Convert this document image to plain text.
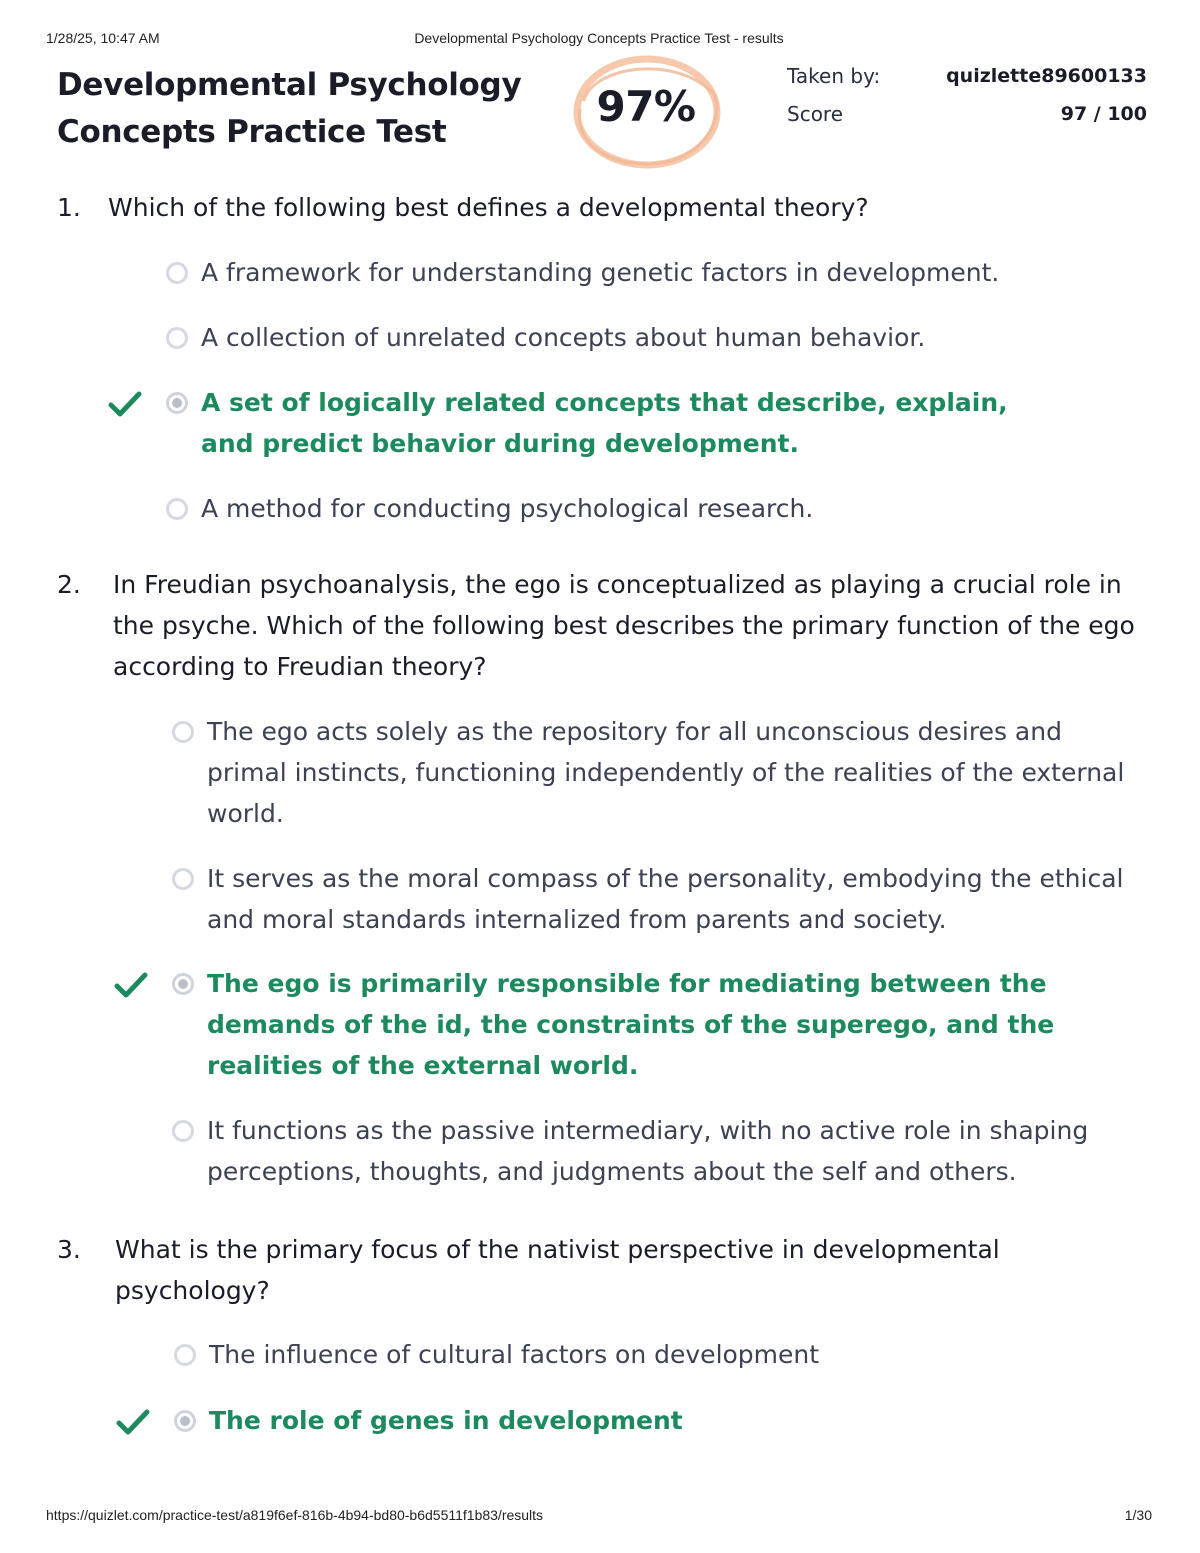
1/28/25, 10:47 AM	Developmental Psychology Concepts Practice Test - results
Developmental Psychology
Concepts Practice Test
97%
Taken by:	quizlette89600133
Score	97 / 100
1. Which of the following best defines a developmental theory?
A framework for understanding genetic factors in development.
A collection of unrelated concepts about human behavior.
A set of logically related concepts that describe, explain, and predict behavior during development.
A method for conducting psychological research.
2. In Freudian psychoanalysis, the ego is conceptualized as playing a crucial role in the psyche. Which of the following best describes the primary function of the ego according to Freudian theory?
The ego acts solely as the repository for all unconscious desires and primal instincts, functioning independently of the realities of the external world.
It serves as the moral compass of the personality, embodying the ethical and moral standards internalized from parents and society.
The ego is primarily responsible for mediating between the demands of the id, the constraints of the superego, and the realities of the external world.
It functions as the passive intermediary, with no active role in shaping perceptions, thoughts, and judgments about the self and others.
3. What is the primary focus of the nativist perspective in developmental psychology?
The influence of cultural factors on development
The role of genes in development
https://quizlet.com/practice-test/a819f6ef-816b-4b94-bd80-b6d5511f1b83/results	1/30
